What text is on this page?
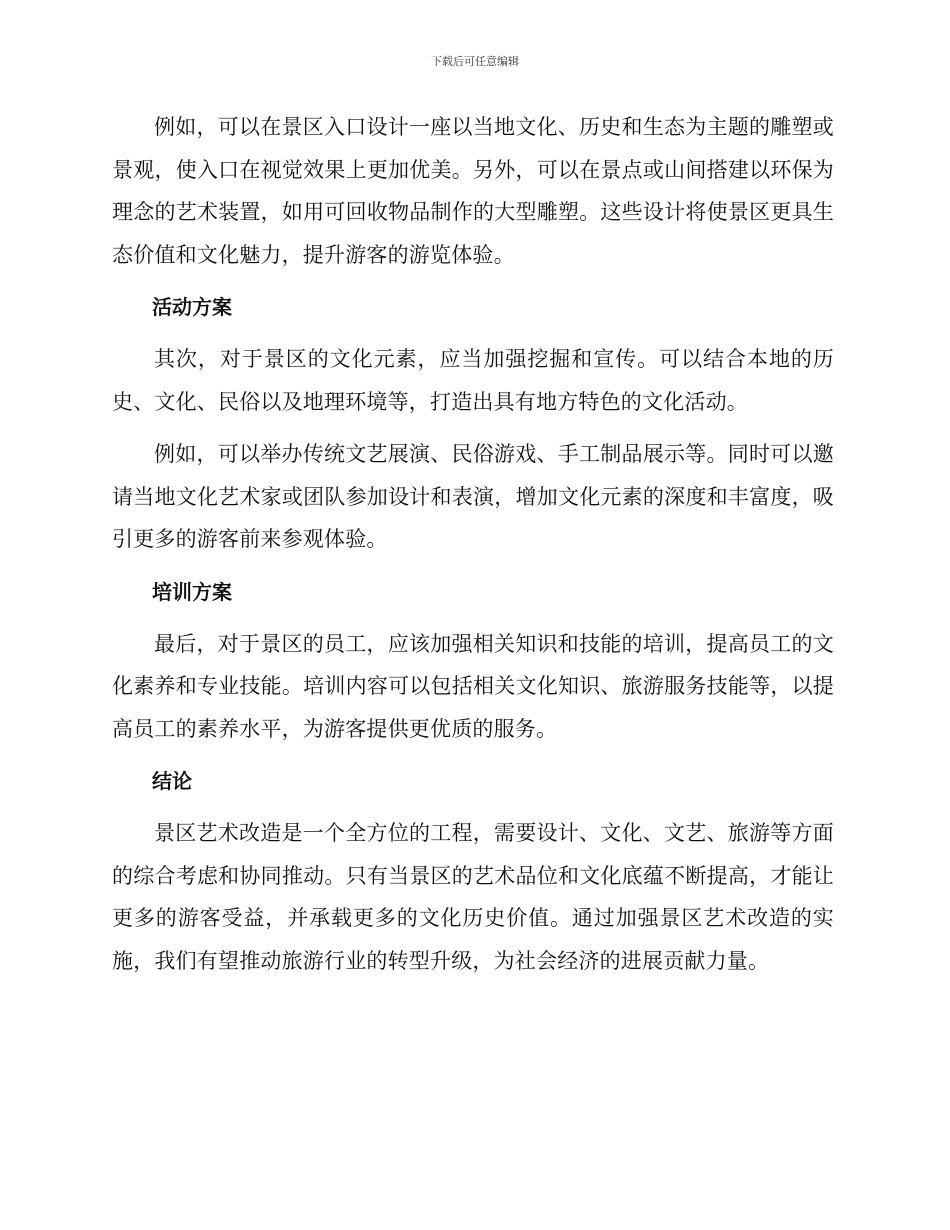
下载后可任意编辑

例如，可以在景区入口设计一座以当地文化、历史和生态为主题的雕塑或景观，使入口在视觉效果上更加优美。另外，可以在景点或山间搭建以环保为理念的艺术装置，如用可回收物品制作的大型雕塑。这些设计将使景区更具生态价值和文化魅力，提升游客的游览体验。

活动方案

其次，对于景区的文化元素，应当加强挖掘和宣传。可以结合本地的历史、文化、民俗以及地理环境等，打造出具有地方特色的文化活动。

例如，可以举办传统文艺展演、民俗游戏、手工制品展示等。同时可以邀请当地文化艺术家或团队参加设计和表演，增加文化元素的深度和丰富度，吸引更多的游客前来参观体验。

培训方案

最后，对于景区的员工，应该加强相关知识和技能的培训，提高员工的文化素养和专业技能。培训内容可以包括相关文化知识、旅游服务技能等，以提高员工的素养水平，为游客提供更优质的服务。

结论

景区艺术改造是一个全方位的工程，需要设计、文化、文艺、旅游等方面的综合考虑和协同推动。只有当景区的艺术品位和文化底蕴不断提高，才能让更多的游客受益，并承载更多的文化历史价值。通过加强景区艺术改造的实施，我们有望推动旅游行业的转型升级，为社会经济的进展贡献力量。
